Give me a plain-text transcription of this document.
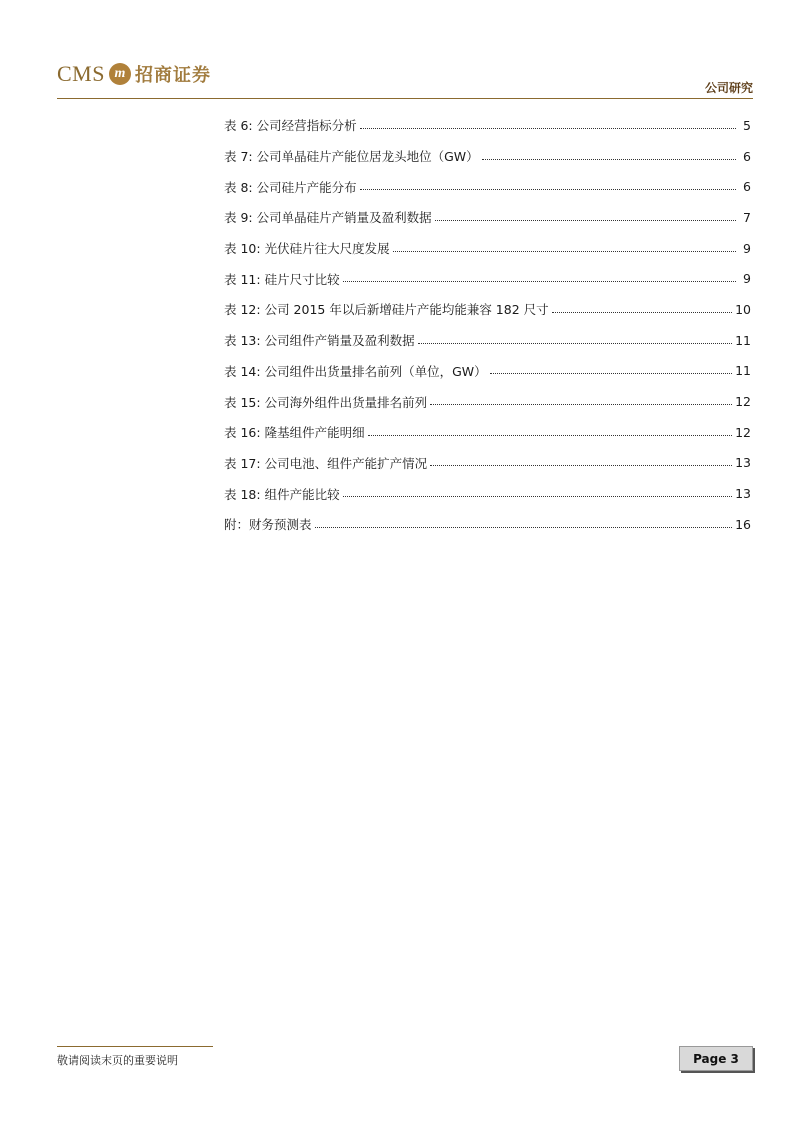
CMS m 招商证券
公司研究
表 6: 公司经营指标分析	5
表 7: 公司单晶硅片产能位居龙头地位（GW）	6
表 8: 公司硅片产能分布	6
表 9: 公司单晶硅片产销量及盈利数据	7
表 10: 光伏硅片往大尺度发展	9
表 11: 硅片尺寸比较	9
表 12: 公司 2015 年以后新增硅片产能均能兼容 182 尺寸	10
表 13: 公司组件产销量及盈利数据	11
表 14: 公司组件出货量排名前列（单位，GW）	11
表 15: 公司海外组件出货量排名前列	12
表 16: 隆基组件产能明细	12
表 17: 公司电池、组件产能扩产情况	13
表 18: 组件产能比较	13
附：财务预测表	16
敬请阅读末页的重要说明	Page 3
